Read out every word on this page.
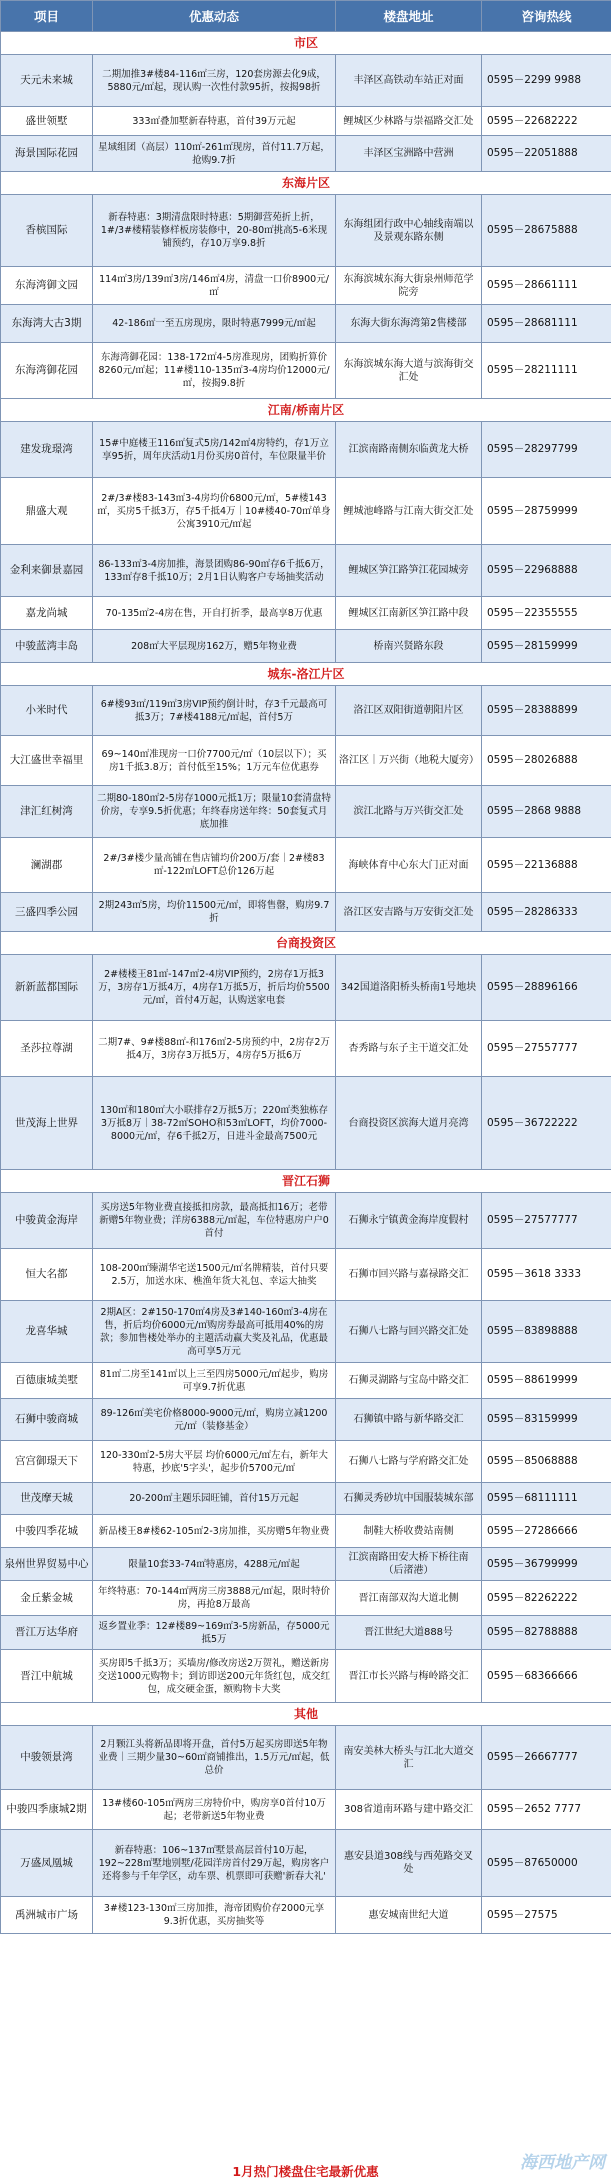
项目	优惠动态	楼盘地址	咨询热线
市区			
天元未来城	二期加推3#楼84-116㎡三房，120套房源去化9成，5880元/㎡起，现认购一次性付款95折，按揭98折	丰泽区高铁动车站正对面	0595－2299 9988
盛世领墅	333㎡叠加墅新春特惠，首付39万元起	鲤城区少林路与崇福路交汇处	0595－22682222
海景国际花园	星域组团（高层）110㎡-261㎡现房，首付11.7万起，抢购9.7折	丰泽区宝洲路中营洲	0595－22051888
东海片区			
香槟国际	新春特惠：3期清盘限时特惠：5期御营苑折上折，1#/3#楼精装修样板房装修中，20-80㎡挑高5-6米现铺预约，存10万享9.8折	东海组团行政中心轴线南端以及景观东路东侧	0595－28675888
东海湾御文园	114㎡3房/139㎡3房/146㎡4房，清盘一口价8900元/㎡	东海滨城东海大街泉州师范学院旁	0595－28661111
东海湾大古3期	42-186㎡一至五房现房，限时特惠7999元/㎡起	东海大街东海湾第2售楼部	0595－28681111
东海湾御花园	东海湾御花园：138-172㎡4-5房准现房，团购折算价8260元/㎡起；11#楼110-135㎡3-4房均价12000元/㎡，按揭9.8折	东海滨城东海大道与滨海街交汇处	0595－28211111
江南/桥南片区			
建发珑璟湾	15#中庭楼王116㎡复式5房/142㎡4房特约，存1万立享95折，周年庆活动1月份买房0首付，车位限量半价	江滨南路南侧东临黄龙大桥	0595－28297799
鼎盛大观	2#/3#楼83-143㎡3-4房均价6800元/㎡，5#楼143㎡，买房5千抵3万，存5千抵4万｜10#楼40-70㎡单身公寓3910元/㎡起	鲤城池峰路与江南大街交汇处	0595－28759999
金利来御景嘉园	86-133㎡3-4房加推，海景团购86-90㎡存6千抵6万，133㎡存8千抵10万；2月1日认购客户专场抽奖活动	鲤城区笋江路笋江花园城旁	0595－22968888
嘉龙尚城	70-135㎡2-4房在售，开自打折季，最高享8万优惠	鲤城区江南新区笋江路中段	0595－22355555
中骏蓝湾丰岛	208㎡大平层现房162万，赠5年物业费	桥南兴贤路东段	0595－28159999
城东-洛江片区			
小米时代	6#楼93㎡/119㎡3房VIP预约倒计时，存3千元最高可抵3万；7#楼4188元/㎡起，首付5万	洛江区双阳街道朝阳片区	0595－28388899
大江盛世幸福里	69~140㎡准现房一口价7700元/㎡（10层以下）；买房1千抵3.8万；首付低至15%；1万元车位优惠券	洛江区｜万兴街（地税大厦旁）	0595－28026888
津汇红树湾	二期80-180㎡2-5房存1000元抵1万；限量10套清盘特价房，专享9.5折优惠；年终春房送年终：50套复式月底加推	滨江北路与万兴街交汇处	0595－2868 9888
澜湖郡	2#/3#楼少量高铺在售店铺均价200万/套｜2#楼83㎡-122㎡LOFT总价126万起	海峡体育中心东大门正对面	0595－22136888
三盛四季公园	2期243㎡5房，均价11500元/㎡，即将售罄，购房9.7折	洛江区安吉路与万安街交汇处	0595－28286333
台商投资区			
新新蓝都国际	2#楼楼王81㎡-147㎡2-4房VIP预约，2房存1万抵3万，3房存1万抵4万，4房存1万抵5万，折后均价5500元/㎡，首付4万起，认购送家电套	342国道洛阳桥头桥南1号地块	0595－28896166
圣莎拉尊湖	二期7#、9#楼88㎡-和176㎡2-5房预约中，2房存2万抵4万，3房存3万抵5万，4房存5万抵6万	杏秀路与东子主干道交汇处	0595－27557777
世茂海上世界	130㎡和180㎡大小联排存2万抵5万；220㎡类独栋存3万抵8万｜38-72㎡SOHO和53㎡LOFT，均价7000-8000元/㎡，存6千抵2万，日进斗金最高7500元	台商投资区滨海大道月亮湾	0595－36722222
晋江石狮			
中骏黄金海岸	买房送5年物业费直接抵扣房款，最高抵扣16万；老带新赠5年物业费；洋房6388元/㎡起，车位特惠房户户0首付	石狮永宁镇黄金海岸度假村	0595－27577777
恒大名都	108-200㎡臻湖华宅送1500元/㎡名牌精装，首付只要2.5万，加送水床、樵渔年货大礼包、幸运大抽奖	石狮市回兴路与嘉禄路交汇	0595－3618 3333
龙喜华城	2期A区：2#150-170㎡4房及3#140-160㎡3-4房在售，折后均价6000元/㎡购房券最高可抵用40%的房款；参加售楼处举办的主题活动赢大奖及礼品，优惠最高可享5万元	石狮八七路与回兴路交汇处	0595－83898888
百德康城美墅	81㎡二房至141㎡以上三至四房5000元/㎡起步，购房可享9.7折优惠	石狮灵湖路与宝岛中路交汇	0595－88619999
石狮中骏商城	89-126㎡美宅价格8000-9000元/㎡，购房立减1200元/㎡（装修基金）	石狮镇中路与新华路交汇	0595－83159999
宫宫御璟天下	120-330㎡2-5房大平层 均价6000元/㎡左右，新年大特惠，抄底'5字头'，起步价5700元/㎡	石狮八七路与学府路交汇处	0595－85068888
世茂摩天城	20-200㎡主题乐园旺铺，首付15万元起	石狮灵秀砂坑中国服装城东部	0595－68111111
中骏四季花城	新品楼王8#楼62-105㎡2-3房加推，买房赠5年物业费	制鞋大桥收费站南侧	0595－27286666
泉州世界贸易中心	限量10套33-74㎡特惠房，4288元/㎡起	江滨南路田安大桥下桥往南（后渚港）	0595－36799999
金丘紫金城	年终特惠：70-144㎡两房三房3888元/㎡起，限时特价房，再抢8万最高	晋江南部双沟大道北侧	0595－82262222
晋江万达华府	返乡置业季：12#楼89~169㎡3-5房新品，存5000元抵5万	晋江世纪大道888号	0595－82788888
晋江中航城	买房即5千抵3万；买墙房/修改房送2万贺礼，赠送新房交送1000元购物卡；到访即送200元年货红包，成交红包，成交硬金蛋，额购物卡大奖	晋江市长兴路与梅岭路交汇	0595－68366666
其他			
中骏领景湾	2月颗江头将新品即将开盘，首付5万起买房即送5年物业费｜三期少量30~60㎡商铺推出，1.5万元/㎡起，低总价	南安美林大桥头与江北大道交汇	0595－26667777
中骏四季康城2期	13#楼60-105㎡两房三房特价中，购房享0首付10万起；老带新送5年物业费	308省道南环路与建中路交汇	0595－2652 7777
万盛凤凰城	新春特惠：106~137㎡墅景高层首付10万起，192~228㎡墅地别墅/花园洋房首付29万起，购房客户还将参与千年学区，动车票、机票即可获赠'新春大礼'	惠安县道308线与西苑路交叉处	0595－87650000
禹洲城市广场	3#楼123-130㎡三房加推，海帝团购价存2000元享9.3折优惠，买房抽奖等	惠安城南世纪大道	0595－27575
1月热门楼盘住宅最新优惠	海西地产网
